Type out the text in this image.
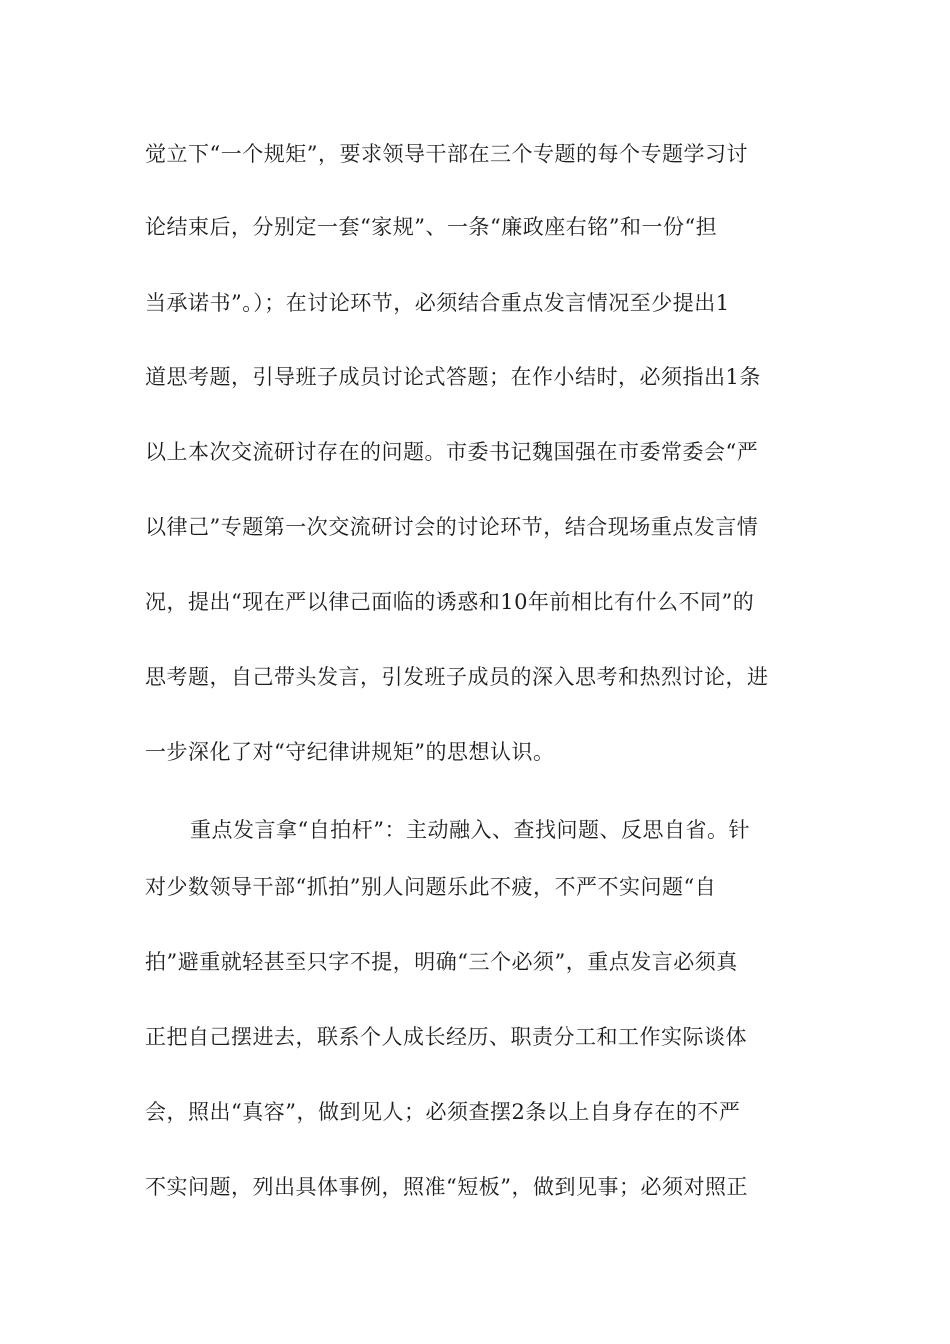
觉立下“一个规矩”，要求领导干部在三个专题的每个专题学习讨
论结束后，分别定一套“家规”、一条“廉政座右铭”和一份“担
当承诺书”。）；在讨论环节，必须结合重点发言情况至少提出1
道思考题，引导班子成员讨论式答题；在作小结时，必须指出1条
以上本次交流研讨存在的问题。市委书记魏国强在市委常委会“严
以律己”专题第一次交流研讨会的讨论环节，结合现场重点发言情
况，提出“现在严以律己面临的诱惑和10年前相比有什么不同”的
思考题，自己带头发言，引发班子成员的深入思考和热烈讨论，进
一步深化了对“守纪律讲规矩”的思想认识。
重点发言拿“自拍杆”：主动融入、查找问题、反思自省。针
对少数领导干部“抓拍”别人问题乐此不疲，不严不实问题“自
拍”避重就轻甚至只字不提，明确“三个必须”，重点发言必须真
正把自己摆进去，联系个人成长经历、职责分工和工作实际谈体
会，照出“真容”，做到见人；必须查摆2条以上自身存在的不严
不实问题，列出具体事例，照准“短板”，做到见事；必须对照正
